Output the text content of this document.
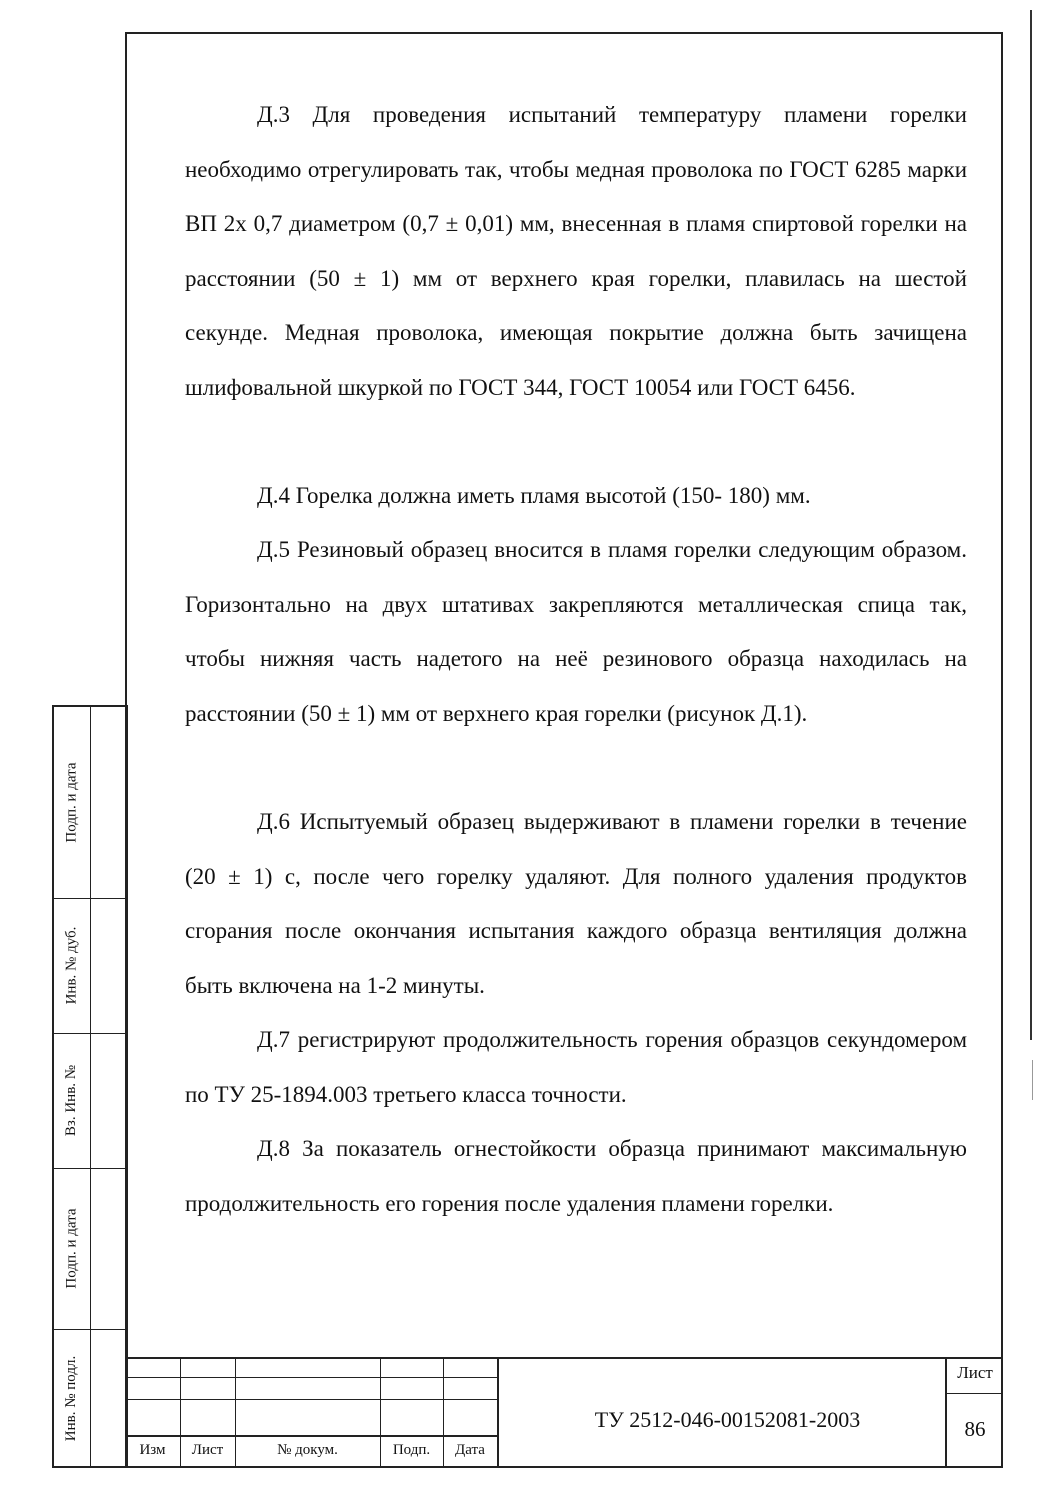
Д.3 Для проведения испытаний температуру пламени горелки необходимо отрегулировать так, чтобы медная проволока по ГОСТ 6285 марки ВП 2х 0,7 диаметром (0,7 ± 0,01) мм, внесенная в пламя спиртовой горелки на расстоянии (50 ± 1) мм от верхнего края горелки, плавилась на шестой секунде. Медная проволока, имеющая покрытие должна быть зачищена шлифовальной шкуркой по ГОСТ 344, ГОСТ 10054 или ГОСТ 6456.

Д.4 Горелка должна иметь пламя высотой (150- 180) мм.

Д.5 Резиновый образец вносится в пламя горелки следующим образом. Горизонтально на двух штативах закрепляются металлическая спица так, чтобы нижняя часть надетого на неё резинового образца находилась на расстоянии (50 ± 1) мм от верхнего края горелки (рисунок Д.1).

Д.6 Испытуемый образец выдерживают в пламени горелки в течение (20 ± 1) с, после чего горелку удаляют. Для полного удаления продуктов сгорания после окончания испытания каждого образца вентиляция должна быть включена на 1-2 минуты.

Д.7 регистрируют продолжительность горения образцов секундомером по ТУ 25-1894.003 третьего класса точности.

Д.8 За показатель огнестойкости образца принимают максимальную продолжительность его горения после удаления пламени горелки.

Подп. и дата
Инв. № дуб.
Вз. Инв. №
Подп. и дата
Инв. № подл.
Изм	Лист	№ докум.	Подп.	Дата
ТУ 2512-046-00152081-2003
Лист
86
